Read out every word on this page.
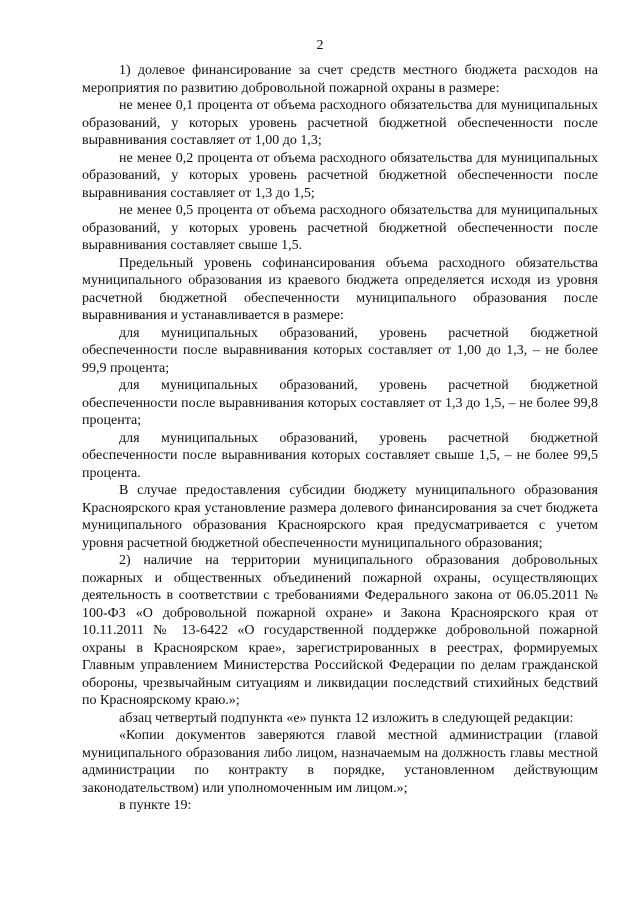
2

1) долевое финансирование за счет средств местного бюджета расходов на мероприятия по развитию добровольной пожарной охраны в размере:

не менее 0,1 процента от объема расходного обязательства для муниципальных образований, у которых уровень расчетной бюджетной обеспеченности после выравнивания составляет от 1,00 до 1,3;

не менее 0,2 процента от объема расходного обязательства для муниципальных образований, у которых уровень расчетной бюджетной обеспеченности после выравнивания составляет от 1,3 до 1,5;

не менее 0,5 процента от объема расходного обязательства для муниципальных образований, у которых уровень расчетной бюджетной обеспеченности после выравнивания составляет свыше 1,5.

Предельный уровень софинансирования объема расходного обязательства муниципального образования из краевого бюджета определяется исходя из уровня расчетной бюджетной обеспеченности муниципального образования после выравнивания и устанавливается в размере:

для муниципальных образований, уровень расчетной бюджетной обеспеченности после выравнивания которых составляет от 1,00 до 1,3, – не более 99,9 процента;

для муниципальных образований, уровень расчетной бюджетной обеспеченности после выравнивания которых составляет от 1,3 до 1,5, – не более 99,8 процента;

для муниципальных образований, уровень расчетной бюджетной обеспеченности после выравнивания которых составляет свыше 1,5, – не более 99,5 процента.

В случае предоставления субсидии бюджету муниципального образования Красноярского края установление размера долевого финансирования за счет бюджета муниципального образования Красноярского края предусматривается с учетом уровня расчетной бюджетной обеспеченности муниципального образования;

2) наличие на территории муниципального образования добровольных пожарных и общественных объединений пожарной охраны, осуществляющих деятельность в соответствии с требованиями Федерального закона от 06.05.2011 № 100-ФЗ «О добровольной пожарной охране» и Закона Красноярского края от 10.11.2011 № 13-6422 «О государственной поддержке добровольной пожарной охраны в Красноярском крае», зарегистрированных в реестрах, формируемых Главным управлением Министерства Российской Федерации по делам гражданской обороны, чрезвычайным ситуациям и ликвидации последствий стихийных бедствий по Красноярскому краю.»;

абзац четвертый подпункта «е» пункта 12 изложить в следующей редакции:

«Копии документов заверяются главой местной администрации (главой муниципального образования либо лицом, назначаемым на должность главы местной администрации по контракту в порядке, установленном действующим законодательством) или уполномоченным им лицом.»;

в пункте 19:
